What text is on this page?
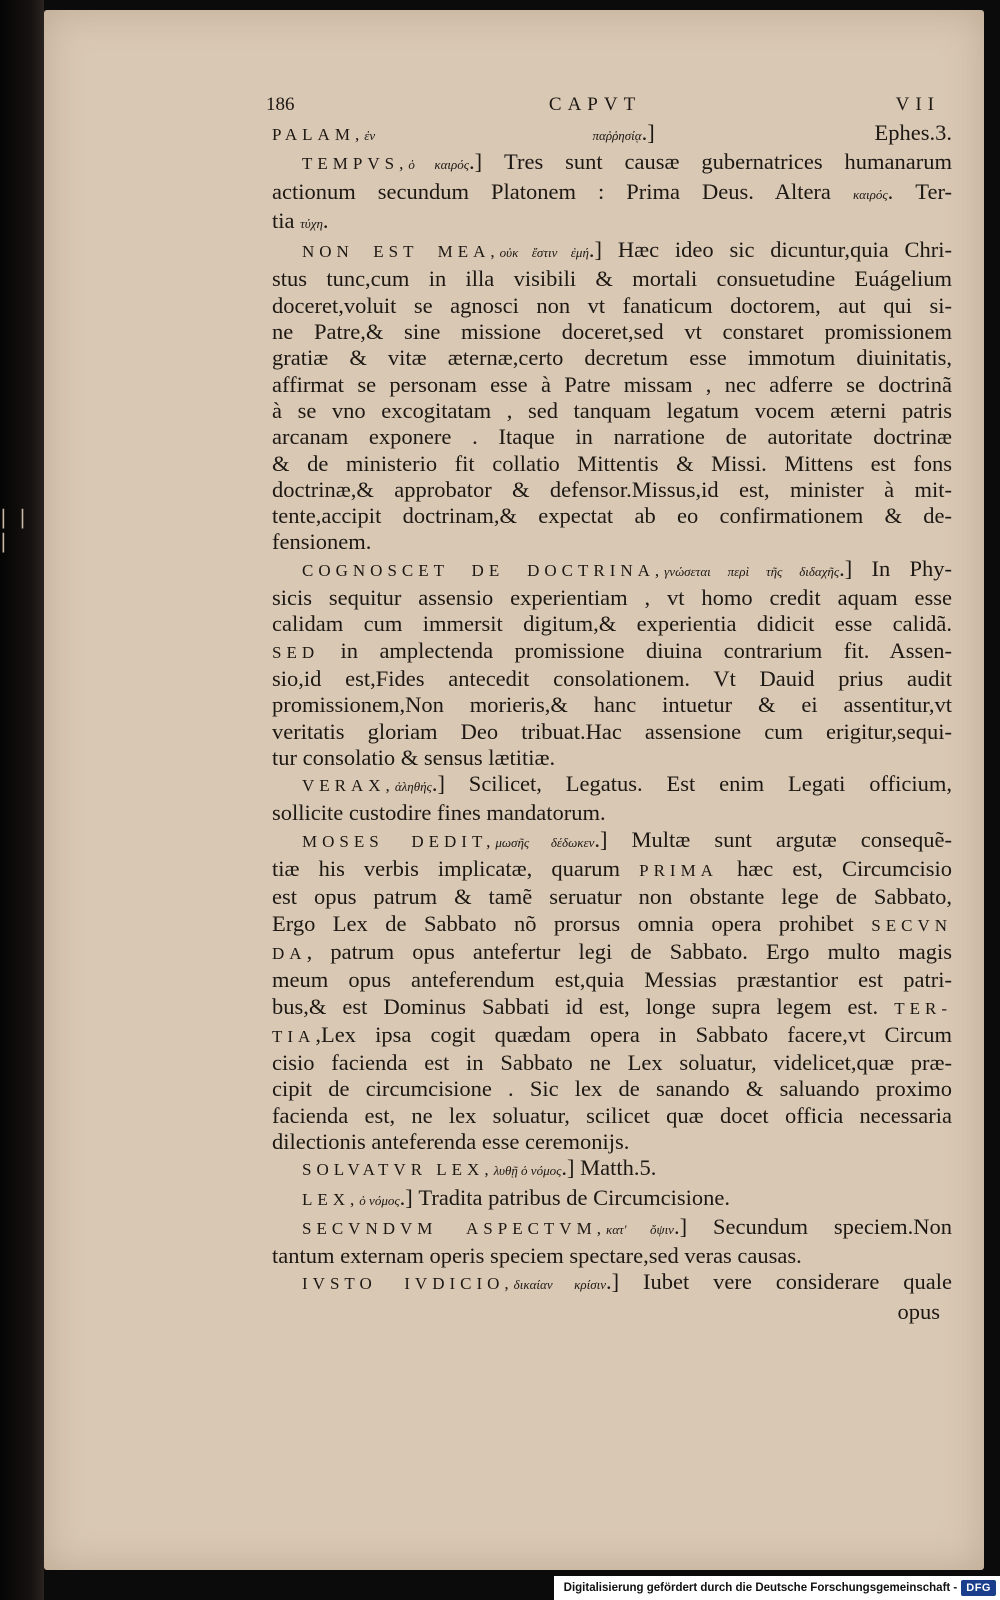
| | |
186	CAPVT	VII
PALAM,ἐν παῤῥησίᾳ.] Ephes.3.
TEMPVS,ὁ καιρός.] Tres sunt causæ gubernatrices humanarum
actionum secundum Platonem : Prima Deus. Altera καιρός. Ter-
tia τύχη.
NON EST MEA,οὐκ ἔστιν ἐμή.] Hæc ideo sic dicuntur,quia Chri-
stus tunc,cum in illa visibili & mortali consuetudine Euágelium
doceret,voluit se agnosci non vt fanaticum doctorem, aut qui si-
ne Patre,& sine missione doceret,sed vt constaret promissionem
gratiæ & vitæ æternæ,certo decretum esse immotum diuinitatis,
affirmat se personam esse à Patre missam , nec adferre se doctrinã
à se vno excogitatam , sed tanquam legatum vocem æterni patris
arcanam exponere . Itaque in narratione de autoritate doctrinæ
& de ministerio fit collatio Mittentis & Missi. Mittens est fons
doctrinæ,& approbator & defensor.Missus,id est, minister à mit-
tente,accipit doctrinam,& expectat ab eo confirmationem & de-
fensionem.
COGNOSCET DE DOCTRINA,γνώσεται περὶ τῆς διδαχῆς.] In Phy-
sicis sequitur assensio experientiam , vt homo credit aquam esse
calidam cum immersit digitum,& experientia didicit esse calidã.
SED in amplectenda promissione diuina contrarium fit. Assen-
sio,id est,Fides antecedit consolationem. Vt Dauid prius audit
promissionem,Non morieris,& hanc intuetur & ei assentitur,vt
veritatis gloriam Deo tribuat.Hac assensione cum erigitur,sequi-
tur consolatio & sensus lætitiæ.
VERAX,ἀληθής.] Scilicet, Legatus. Est enim Legati officium,
sollicite custodire fines mandatorum.
MOSES DEDIT,μωσῆς δέδωκεν.] Multæ sunt argutæ consequẽ-
tiæ his verbis implicatæ, quarum PRIMA hæc est, Circumcisio
est opus patrum & tamẽ seruatur non obstante lege de Sabbato,
Ergo Lex de Sabbato nõ prorsus omnia opera prohibet SECVN
DA, patrum opus antefertur legi de Sabbato. Ergo multo magis
meum opus anteferendum est,quia Messias præstantior est patri-
bus,& est Dominus Sabbati id est, longe supra legem est. TER-
TIA,Lex ipsa cogit quædam opera in Sabbato facere,vt Circum
cisio facienda est in Sabbato ne Lex soluatur, videlicet,quæ præ-
cipit de circumcisione . Sic lex de sanando & saluando proximo
facienda est, ne lex soluatur, scilicet quæ docet officia necessaria
dilectionis anteferenda esse ceremonijs.
SOLVATVR LEX,λυθῇ ὁ νόμος.] Matth.5.
LEX,ὁ νόμος.] Tradita patribus de Circumcisione.
SECVNDVM ASPECTVM,κατ' ὄψιν.] Secundum speciem.Non
tantum externam operis speciem spectare,sed veras causas.
IVSTO IVDICIO,δικαίαν κρίσιν.] Iubet vere considerare quale
opus
Digitalisierung gefördert durch die Deutsche Forschungsgemeinschaft - DFG
